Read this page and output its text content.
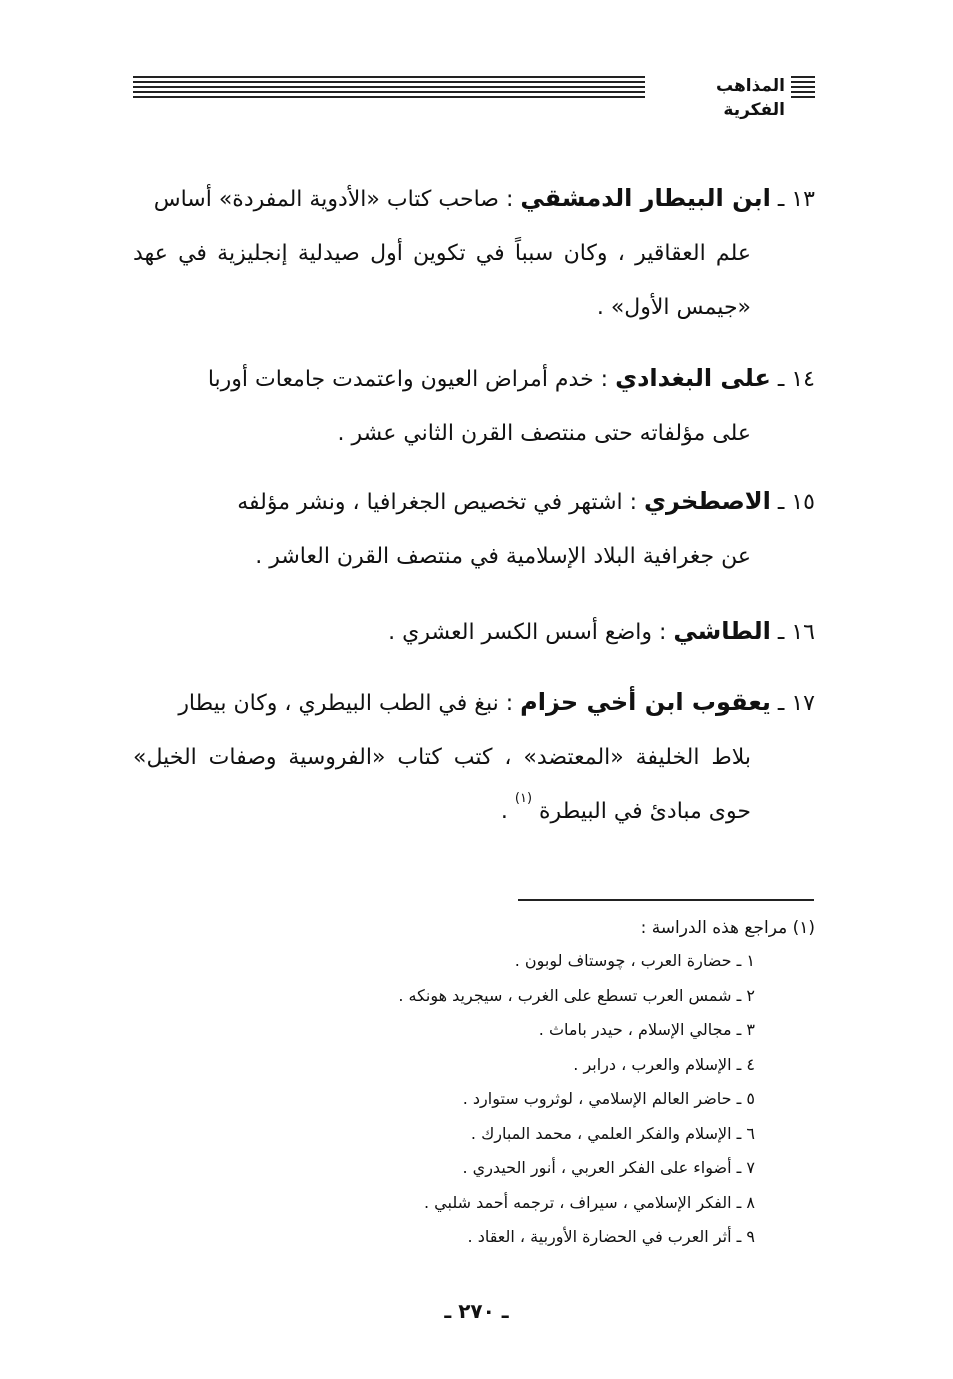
المذاهب الفكرية
١٣ ـ ابن البيطار الدمشقي : صاحب كتاب «الأدوية المفردة» أساس
علم العقاقير ، وكان سبباً في تكوين أول صيدلية إنجليزية في عهد «جيمس الأول» .
١٤ ـ على البغدادي : خدم أمراض العيون واعتمدت جامعات أوربا
على مؤلفاته حتى منتصف القرن الثاني عشر .
١٥ ـ الاصطخري : اشتهر في تخصيص الجغرافيا ، ونشر مؤلفه
عن جغرافية البلاد الإسلامية في منتصف القرن العاشر .
١٦ ـ الطاشي : واضع أسس الكسر العشري .
١٧ ـ يعقوب ابن أخي حزام : نبغ في الطب البيطري ، وكان بيطار
بلاط الخليفة «المعتضد» ، كتب كتاب «الفروسية وصفات الخيل» حوى مبادئ في البيطرة $^{(١)}$ .
(١) مراجع هذه الدراسة :
١ ـ حضارة العرب ، چوستاف لوبون .
٢ ـ شمس العرب تسطع على الغرب ، سيجريد هونكه .
٣ ـ مجالي الإسلام ، حيدر باماث .
٤ ـ الإسلام والعرب ، درابر .
٥ ـ حاضر العالم الإسلامي ، لوثروب ستوارد .
٦ ـ الإسلام والفكر العلمي ، محمد المبارك .
٧ ـ أضواء على الفكر العربي ، أنور الحيدري .
٨ ـ الفكر الإسلامي ، سيراف ، ترجمه أحمد شلبي .
٩ ـ أثر العرب في الحضارة الأوربية ، العقاد .
ـ ٢٧٠ ـ
